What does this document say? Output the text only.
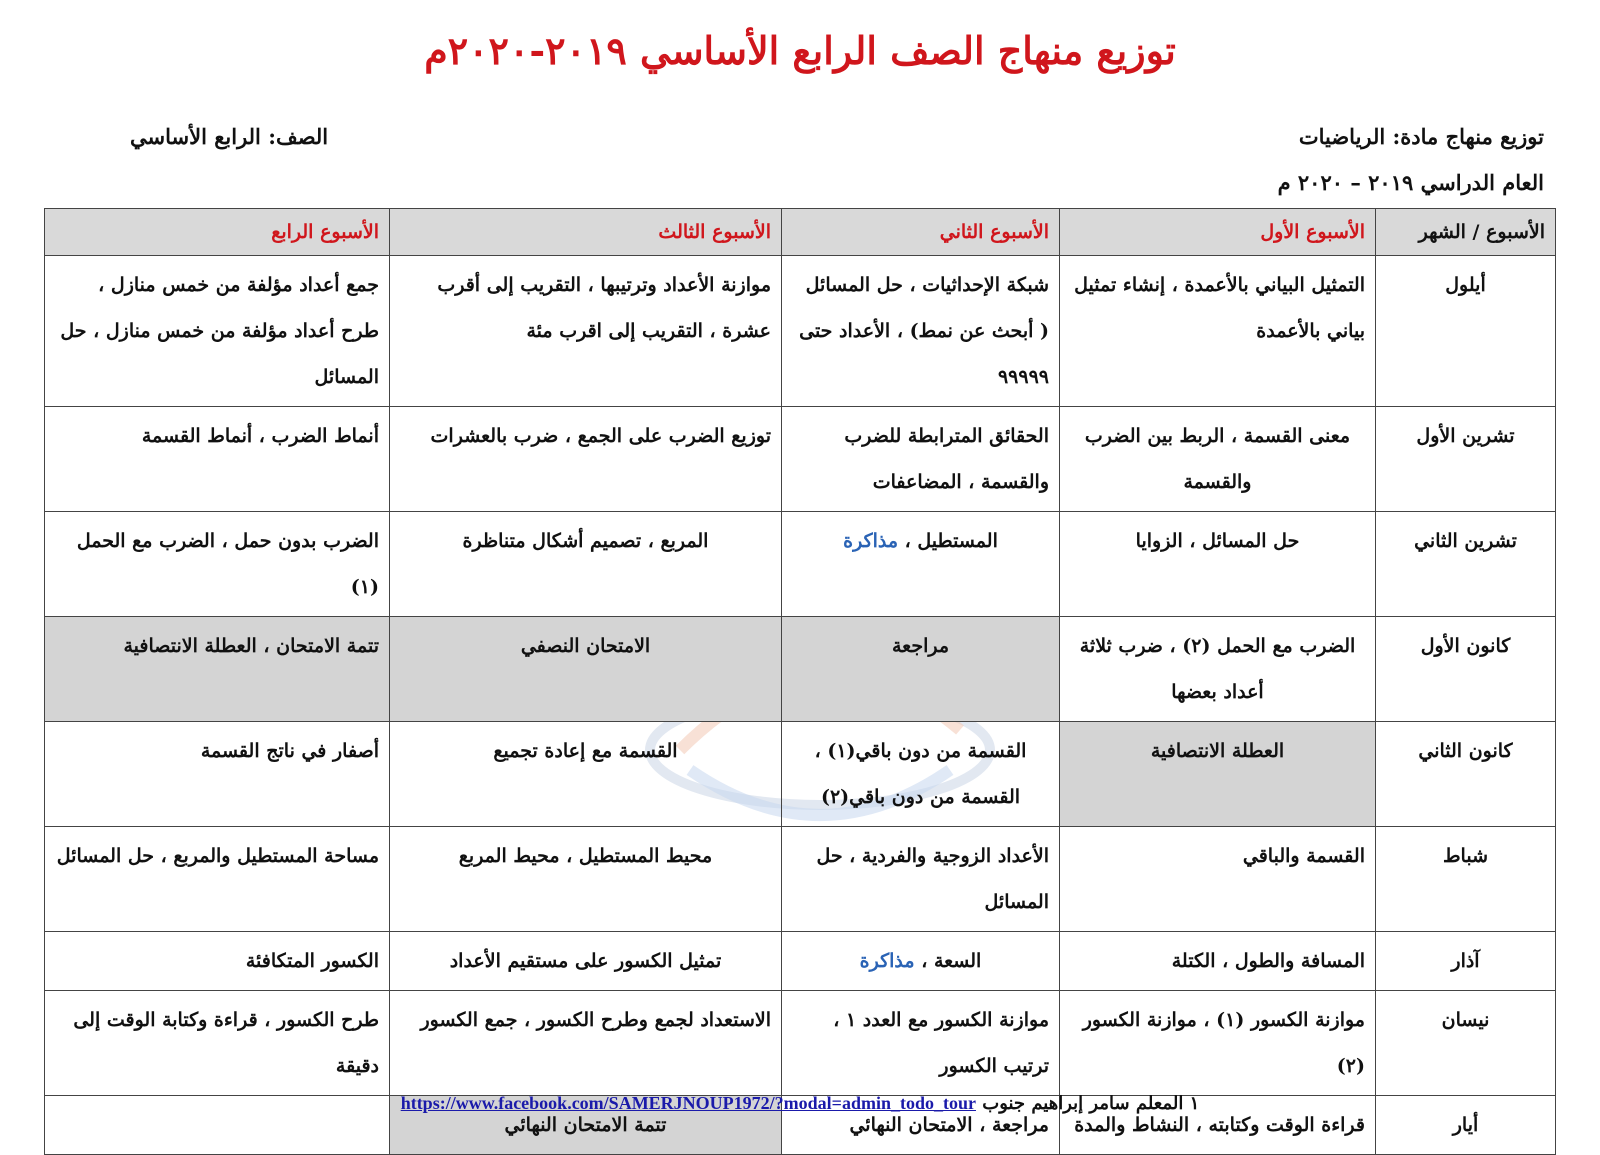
توزيع منهاج الصف الرابع الأساسي ٢٠١٩-٢٠٢٠م
توزيع منهاج مادة: الرياضيات
العام الدراسي ٢٠١٩ – ٢٠٢٠ م
الصف: الرابع الأساسي
الأسبوع / الشهر	الأسبوع الأول	الأسبوع الثاني	الأسبوع الثالث	الأسبوع الرابع
أيلول	التمثيل البياني بالأعمدة ، إنشاء تمثيل بياني بالأعمدة	شبكة الإحداثيات ، حل المسائل ( أبحث عن نمط) ، الأعداد حتى ٩٩٩٩٩	موازنة الأعداد وترتيبها ، التقريب إلى أقرب عشرة ، التقريب إلى اقرب مئة	جمع أعداد مؤلفة من خمس منازل ، طرح أعداد مؤلفة من خمس منازل ، حل المسائل
تشرين الأول	معنى القسمة ، الربط بين الضرب والقسمة	الحقائق المترابطة للضرب والقسمة ، المضاعفات	توزيع الضرب على الجمع ، ضرب بالعشرات	أنماط الضرب ، أنماط القسمة
تشرين الثاني	حل المسائل ، الزوايا	المستطيل ، مذاكرة	المربع ، تصميم أشكال متناظرة	الضرب بدون حمل ، الضرب مع الحمل (١)
كانون الأول	الضرب مع الحمل (٢) ، ضرب ثلاثة أعداد بعضها	مراجعة	الامتحان النصفي	تتمة الامتحان ، العطلة الانتصافية
كانون الثاني	العطلة الانتصافية	القسمة من دون باقي(١) ، القسمة من دون باقي(٢)	القسمة مع إعادة تجميع	أصفار في ناتج القسمة
شباط	القسمة والباقي	الأعداد الزوجية والفردية ، حل المسائل	محيط المستطيل ، محيط المربع	مساحة المستطيل والمربع ، حل المسائل
آذار	المسافة والطول ، الكتلة	السعة ، مذاكرة	تمثيل الكسور على مستقيم الأعداد	الكسور المتكافئة
نيسان	موازنة الكسور (١) ، موازنة الكسور (٢)	موازنة الكسور مع العدد ١ ، ترتيب الكسور	الاستعداد لجمع وطرح الكسور ، جمع الكسور	طرح الكسور ، قراءة وكتابة الوقت إلى دقيقة
أيار	قراءة الوقت وكتابته ، النشاط والمدة	مراجعة ، الامتحان النهائي	تتمة الامتحان النهائي	
١ المعلم سامر إبراهيم جنوب https://www.facebook.com/SAMERJNOUP1972/?modal=admin_todo_tour
